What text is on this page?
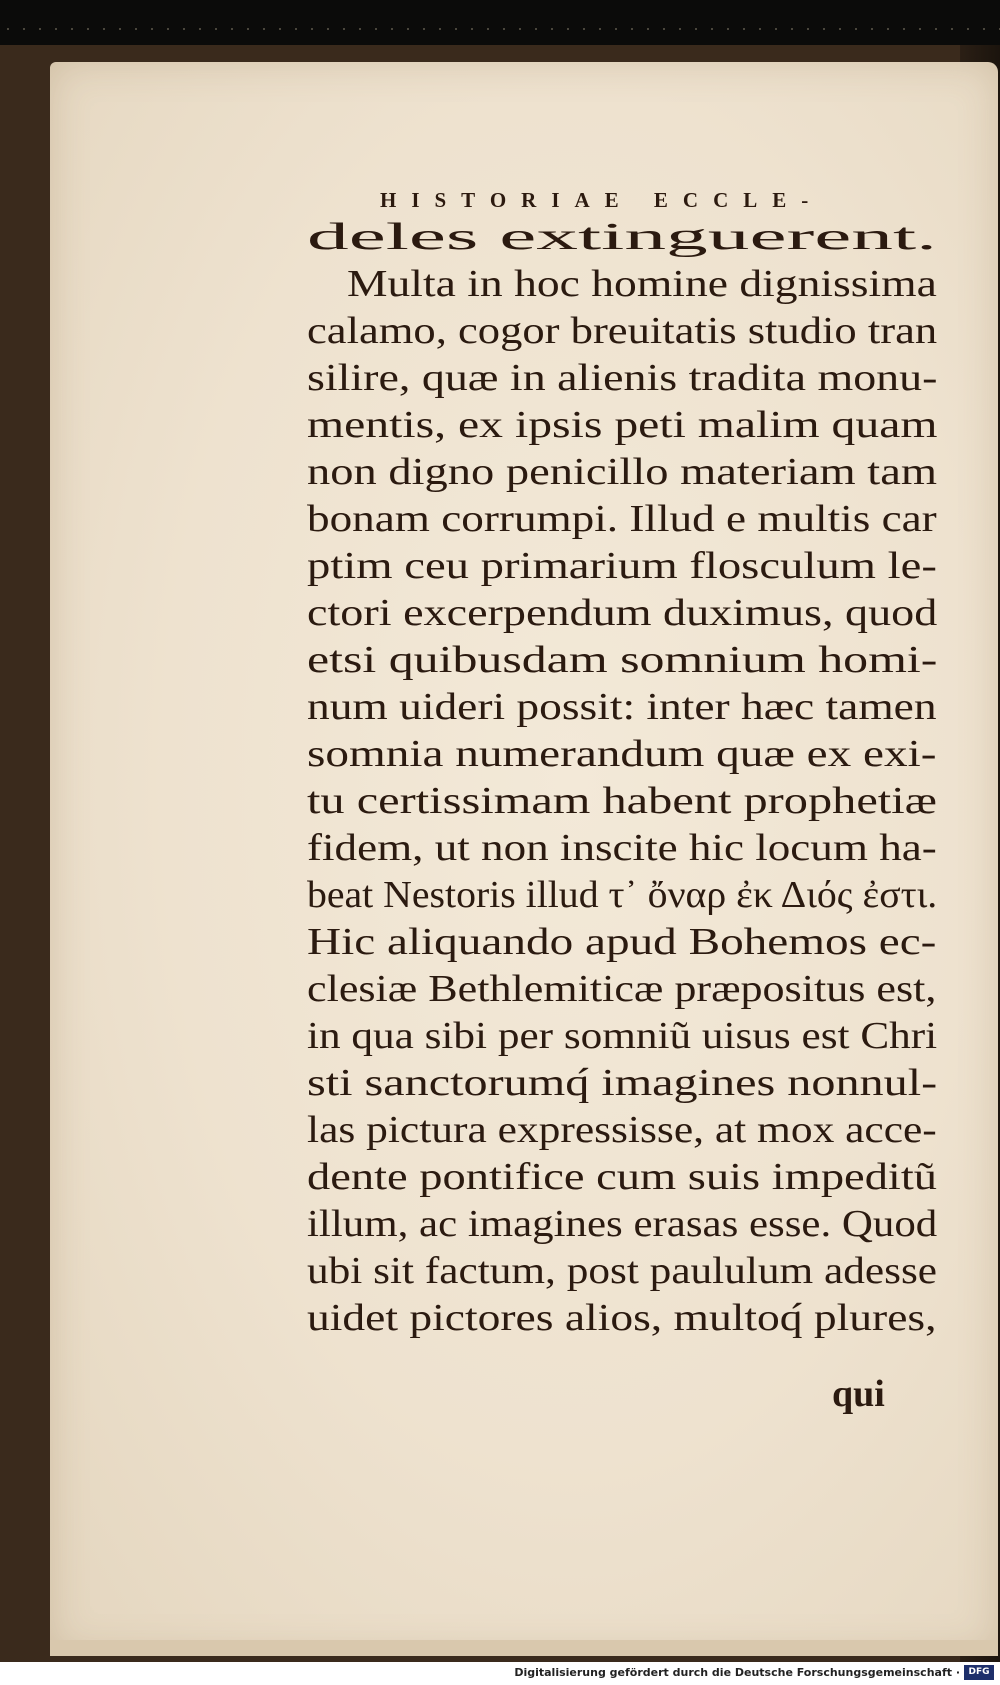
HISTORIAE ECCLE-
deles extinguerent.
Multa in hoc homine dignissima
calamo, cogor breuitatis studio tran
silire, quæ in alienis tradita monu-
mentis, ex ipsis peti malim quam
non digno penicillo materiam tam
bonam corrumpi. Illud e multis car
ptim ceu primarium flosculum le-
ctori excerpendum duximus, quod
etsi quibusdam somnium homi-
num uideri possit: inter hæc tamen
somnia numerandum quæ ex exi-
tu certissimam habent prophetiæ
fidem, ut non inscite hic locum ha-
beat Nestoris illud τ᾽ ὄναρ ἐκ Διός ἐστι.
Hic aliquando apud Bohemos ec-
clesiæ Bethlemiticæ præpositus est,
in qua sibi per somniũ uisus est Chri
sti sanctorumq́ imagines nonnul-
las pictura expressisse, at mox acce-
dente pontifice cum suis impeditũ
illum, ac imagines erasas esse. Quod
ubi sit factum, post paululum adesse
uidet pictores alios, multoq́ plures,
qui
Digitalisierung gefördert durch die Deutsche Forschungsgemeinschaft · DFG
